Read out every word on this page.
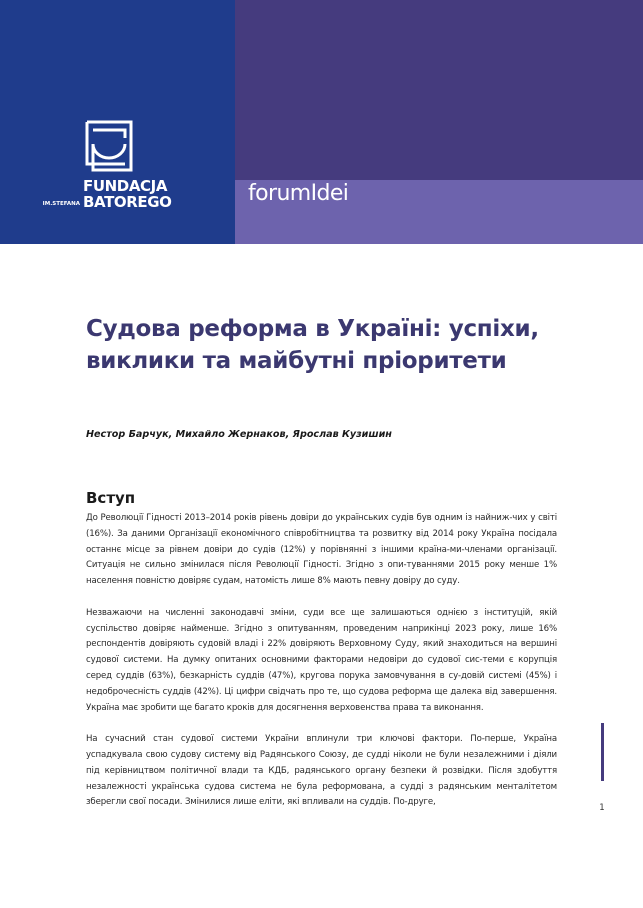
FUNDACJA
IM.STEFANA BATOREGO	forumIdei
Судова реформа в Україні: успіхи, виклики та майбутні пріоритети
Нестор Барчук, Михайло Жернаков, Ярослав Кузишин
Вступ

До Революції Гідності 2013–2014 років рівень довіри до українських судів був одним із найниж-чих у світі (16%). За даними Організації економічного співробітництва та розвитку від 2014 року Україна посідала останнє місце за рівнем довіри до судів (12%) у порівнянні з іншими країна-ми-членами організації. Ситуація не сильно змінилася після Революції Гідності. Згідно з опи-туваннями 2015 року менше 1% населення повністю довіряє судам, натомість лише 8% мають певну довіру до суду.

Незважаючи на численні законодавчі зміни, суди все ще залишаються однією з інституцій, якій суспільство довіряє найменше. Згідно з опитуванням, проведеним наприкінці 2023 року, лише 16% респондентів довіряють судовій владі і 22% довіряють Верховному Суду, який знаходиться на вершині судової системи. На думку опитаних основними факторами недовіри до судової сис-теми є корупція серед суддів (63%), безкарність суддів (47%), кругова порука замовчування в су-довій системі (45%) і недоброчесність суддів (42%). Ці цифри свідчать про те, що судова реформа ще далека від завершення. Україна має зробити ще багато кроків для досягнення верховенства права та виконання.

На сучасний стан судової системи України вплинули три ключові фактори. По-перше, Україна успадкувала свою судову систему від Радянського Союзу, де судді ніколи не були незалежними і діяли під керівництвом політичної влади та КДБ, радянського органу безпеки й розвідки. Після здобуття незалежності українська судова система не була реформована, а судді з радянським менталітетом зберегли свої посади. Змінилися лише еліти, які впливали на суддів. По-друге,

1
